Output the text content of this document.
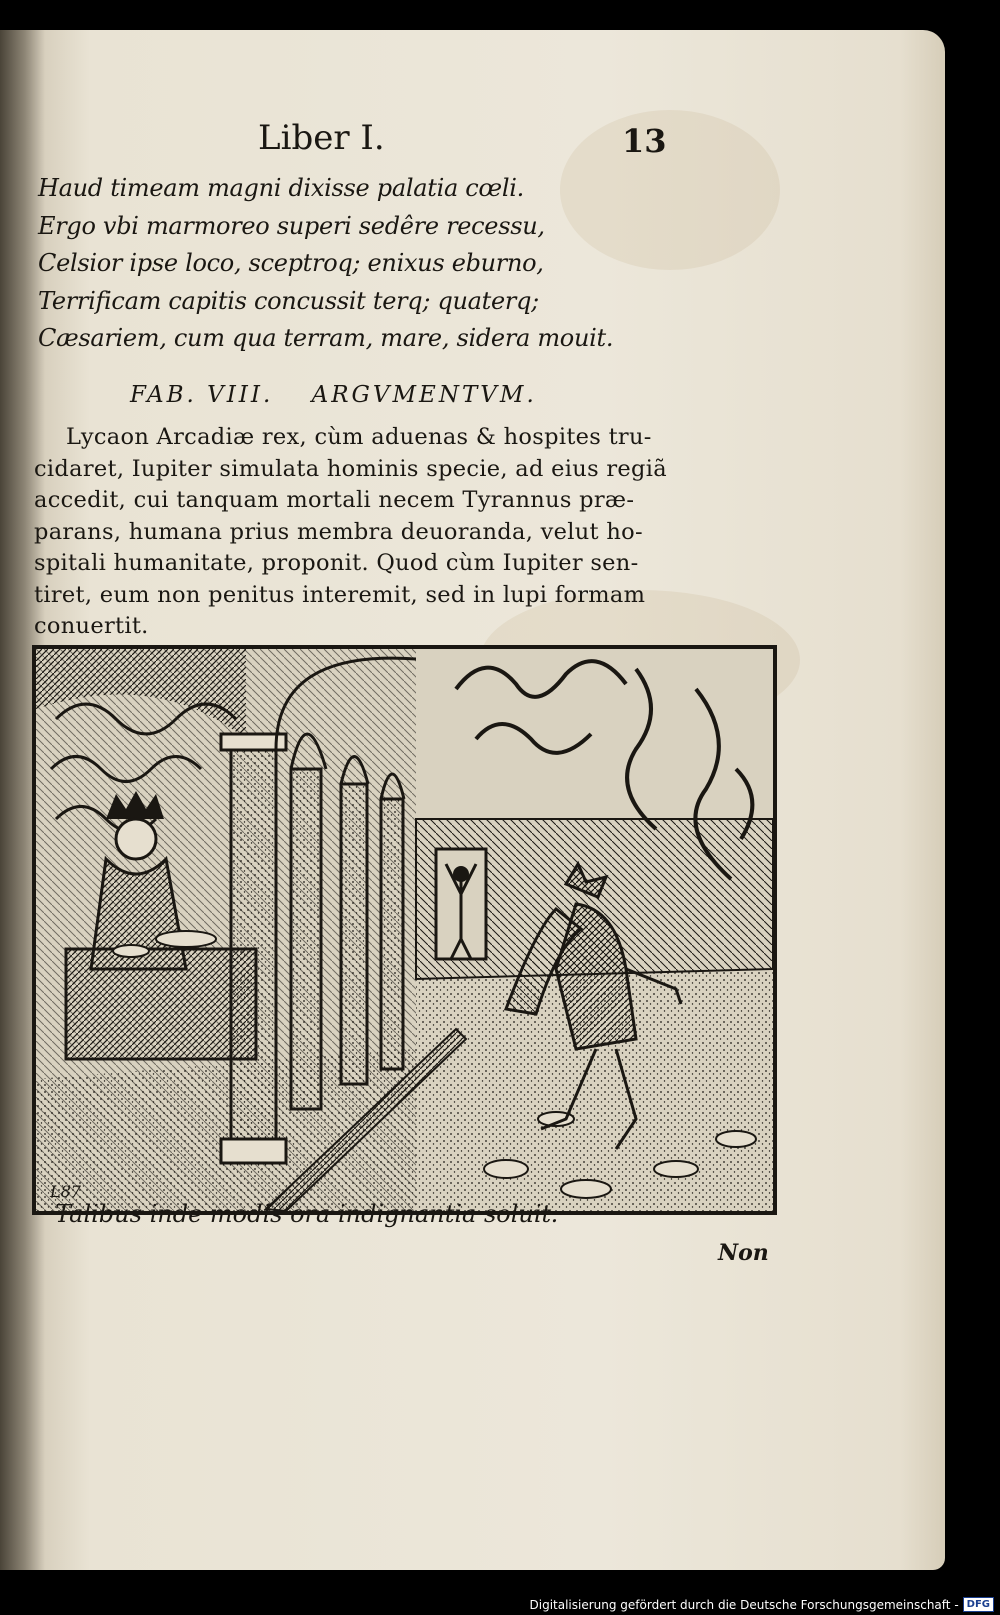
Liber I.	13
Haud timeam magni dixisse palatia cœli.
Ergo vbi marmoreo superi sedêre recessu,
Celsior ipse loco, sceptroq; enixus eburno,
Terrificam capitis concussit terq; quaterq;
Cæsariem, cum qua terram, mare, sidera mouit.
FAB. VIII. ARGVMENTVM.
Lycaon Arcadiæ rex, cùm aduenas & hospites tru-
cidaret, Iupiter simulata hominis specie, ad eius regiã
accedit, cui tanquam mortali necem Tyrannus præ-
parans, humana prius membra deuoranda, velut ho-
spitali humanitate, proponit. Quod cùm Iupiter sen-
tiret, eum non penitus interemit, sed in lupi formam
conuertit.
L87
Talibus inde modis ora indignantia soluit:
Non
Digitalisierung gefördert durch die Deutsche Forschungsgemeinschaft - DFG
